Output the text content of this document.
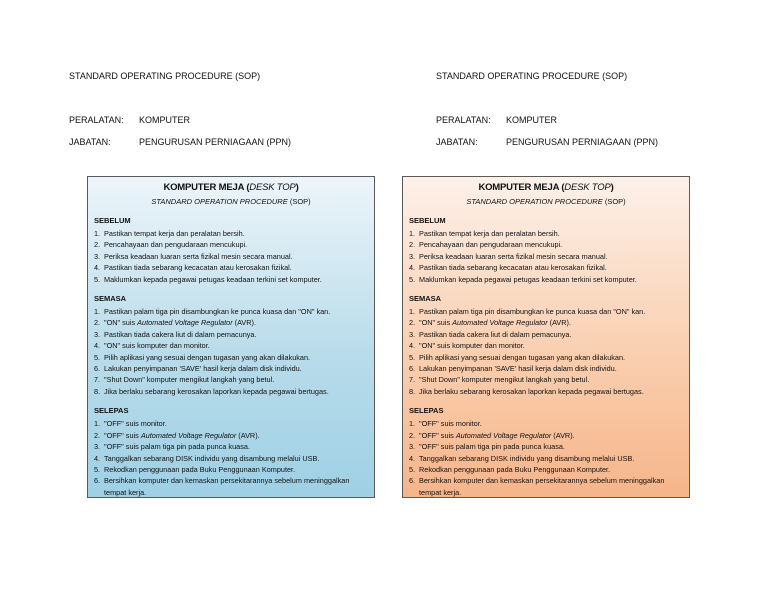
STANDARD OPERATING PROCEDURE (SOP)
PERALATAN: KOMPUTER
JABATAN:	PENGURUSAN PERNIAGAAN (PPN)
KOMPUTER MEJA (DESK TOP)
STANDARD OPERATION PROCEDURE (SOP)
SEBELUM
1. Pastikan tempat kerja dan peralatan bersih.
2. Pencahayaan dan pengudaraan mencukupi.
3. Periksa keadaan luaran serta fizikal mesin secara manual.
4. Pastikan tiada sebarang kecacatan atau kerosakan fizikal.
5. Maklumkan kepada pegawai petugas keadaan terkini set komputer.
SEMASA
1. Pastikan palam tiga pin disambungkan ke punca kuasa dan "ON" kan.
2. "ON" suis Automated Voltage Regulator (AVR).
3. Pastikan tiada cakera liut di dalam pemacunya.
4. "ON" suis komputer dan monitor.
5. Pilih aplikasi yang sesuai dengan tugasan yang akan dilakukan.
6. Lakukan penyimpanan 'SAVE' hasil kerja dalam disk individu.
7. "Shut Down" komputer mengikut langkah yang betul.
8. Jika berlaku sebarang kerosakan laporkan kepada pegawai bertugas.
SELEPAS
1. "OFF" suis monitor.
2. "OFF" suis Automated Voltage Regulator (AVR).
3. "OFF" suis palam tiga pin pada punca kuasa.
4. Tanggalkan sebarang DISK individu yang disambung melalui USB.
5. Rekodkan penggunaan pada Buku Penggunaan Komputer.
6. Bersihkan komputer dan kemaskan persekitarannya sebelum meninggalkan tempat kerja.
STANDARD OPERATING PROCEDURE (SOP)
PERALATAN: KOMPUTER
JABATAN:	PENGURUSAN PERNIAGAAN (PPN)
KOMPUTER MEJA (DESK TOP)
STANDARD OPERATION PROCEDURE (SOP)
SEBELUM
1. Pastikan tempat kerja dan peralatan bersih.
2. Pencahayaan dan pengudaraan mencukupi.
3. Periksa keadaan luaran serta fizikal mesin secara manual.
4. Pastikan tiada sebarang kecacatan atau kerosakan fizikal.
5. Maklumkan kepada pegawai petugas keadaan terkini set komputer.
SEMASA
1. Pastikan palam tiga pin disambungkan ke punca kuasa dan "ON" kan.
2. "ON" suis Automated Voltage Regulator (AVR).
3. Pastikan tiada cakera liut di dalam pemacunya.
4. "ON" suis komputer dan monitor.
5. Pilih aplikasi yang sesuai dengan tugasan yang akan dilakukan.
6. Lakukan penyimpanan 'SAVE' hasil kerja dalam disk individu.
7. "Shut Down" komputer mengikut langkah yang betul.
8. Jika berlaku sebarang kerosakan laporkan kepada pegawai bertugas.
SELEPAS
1. "OFF" suis monitor.
2. "OFF" suis Automated Voltage Regulator (AVR).
3. "OFF" suis palam tiga pin pada punca kuasa.
4. Tanggalkan sebarang DISK individu yang disambung melalui USB.
5. Rekodkan penggunaan pada Buku Penggunaan Komputer.
6. Bersihkan komputer dan kemaskan persekitarannya sebelum meninggalkan tempat kerja.
